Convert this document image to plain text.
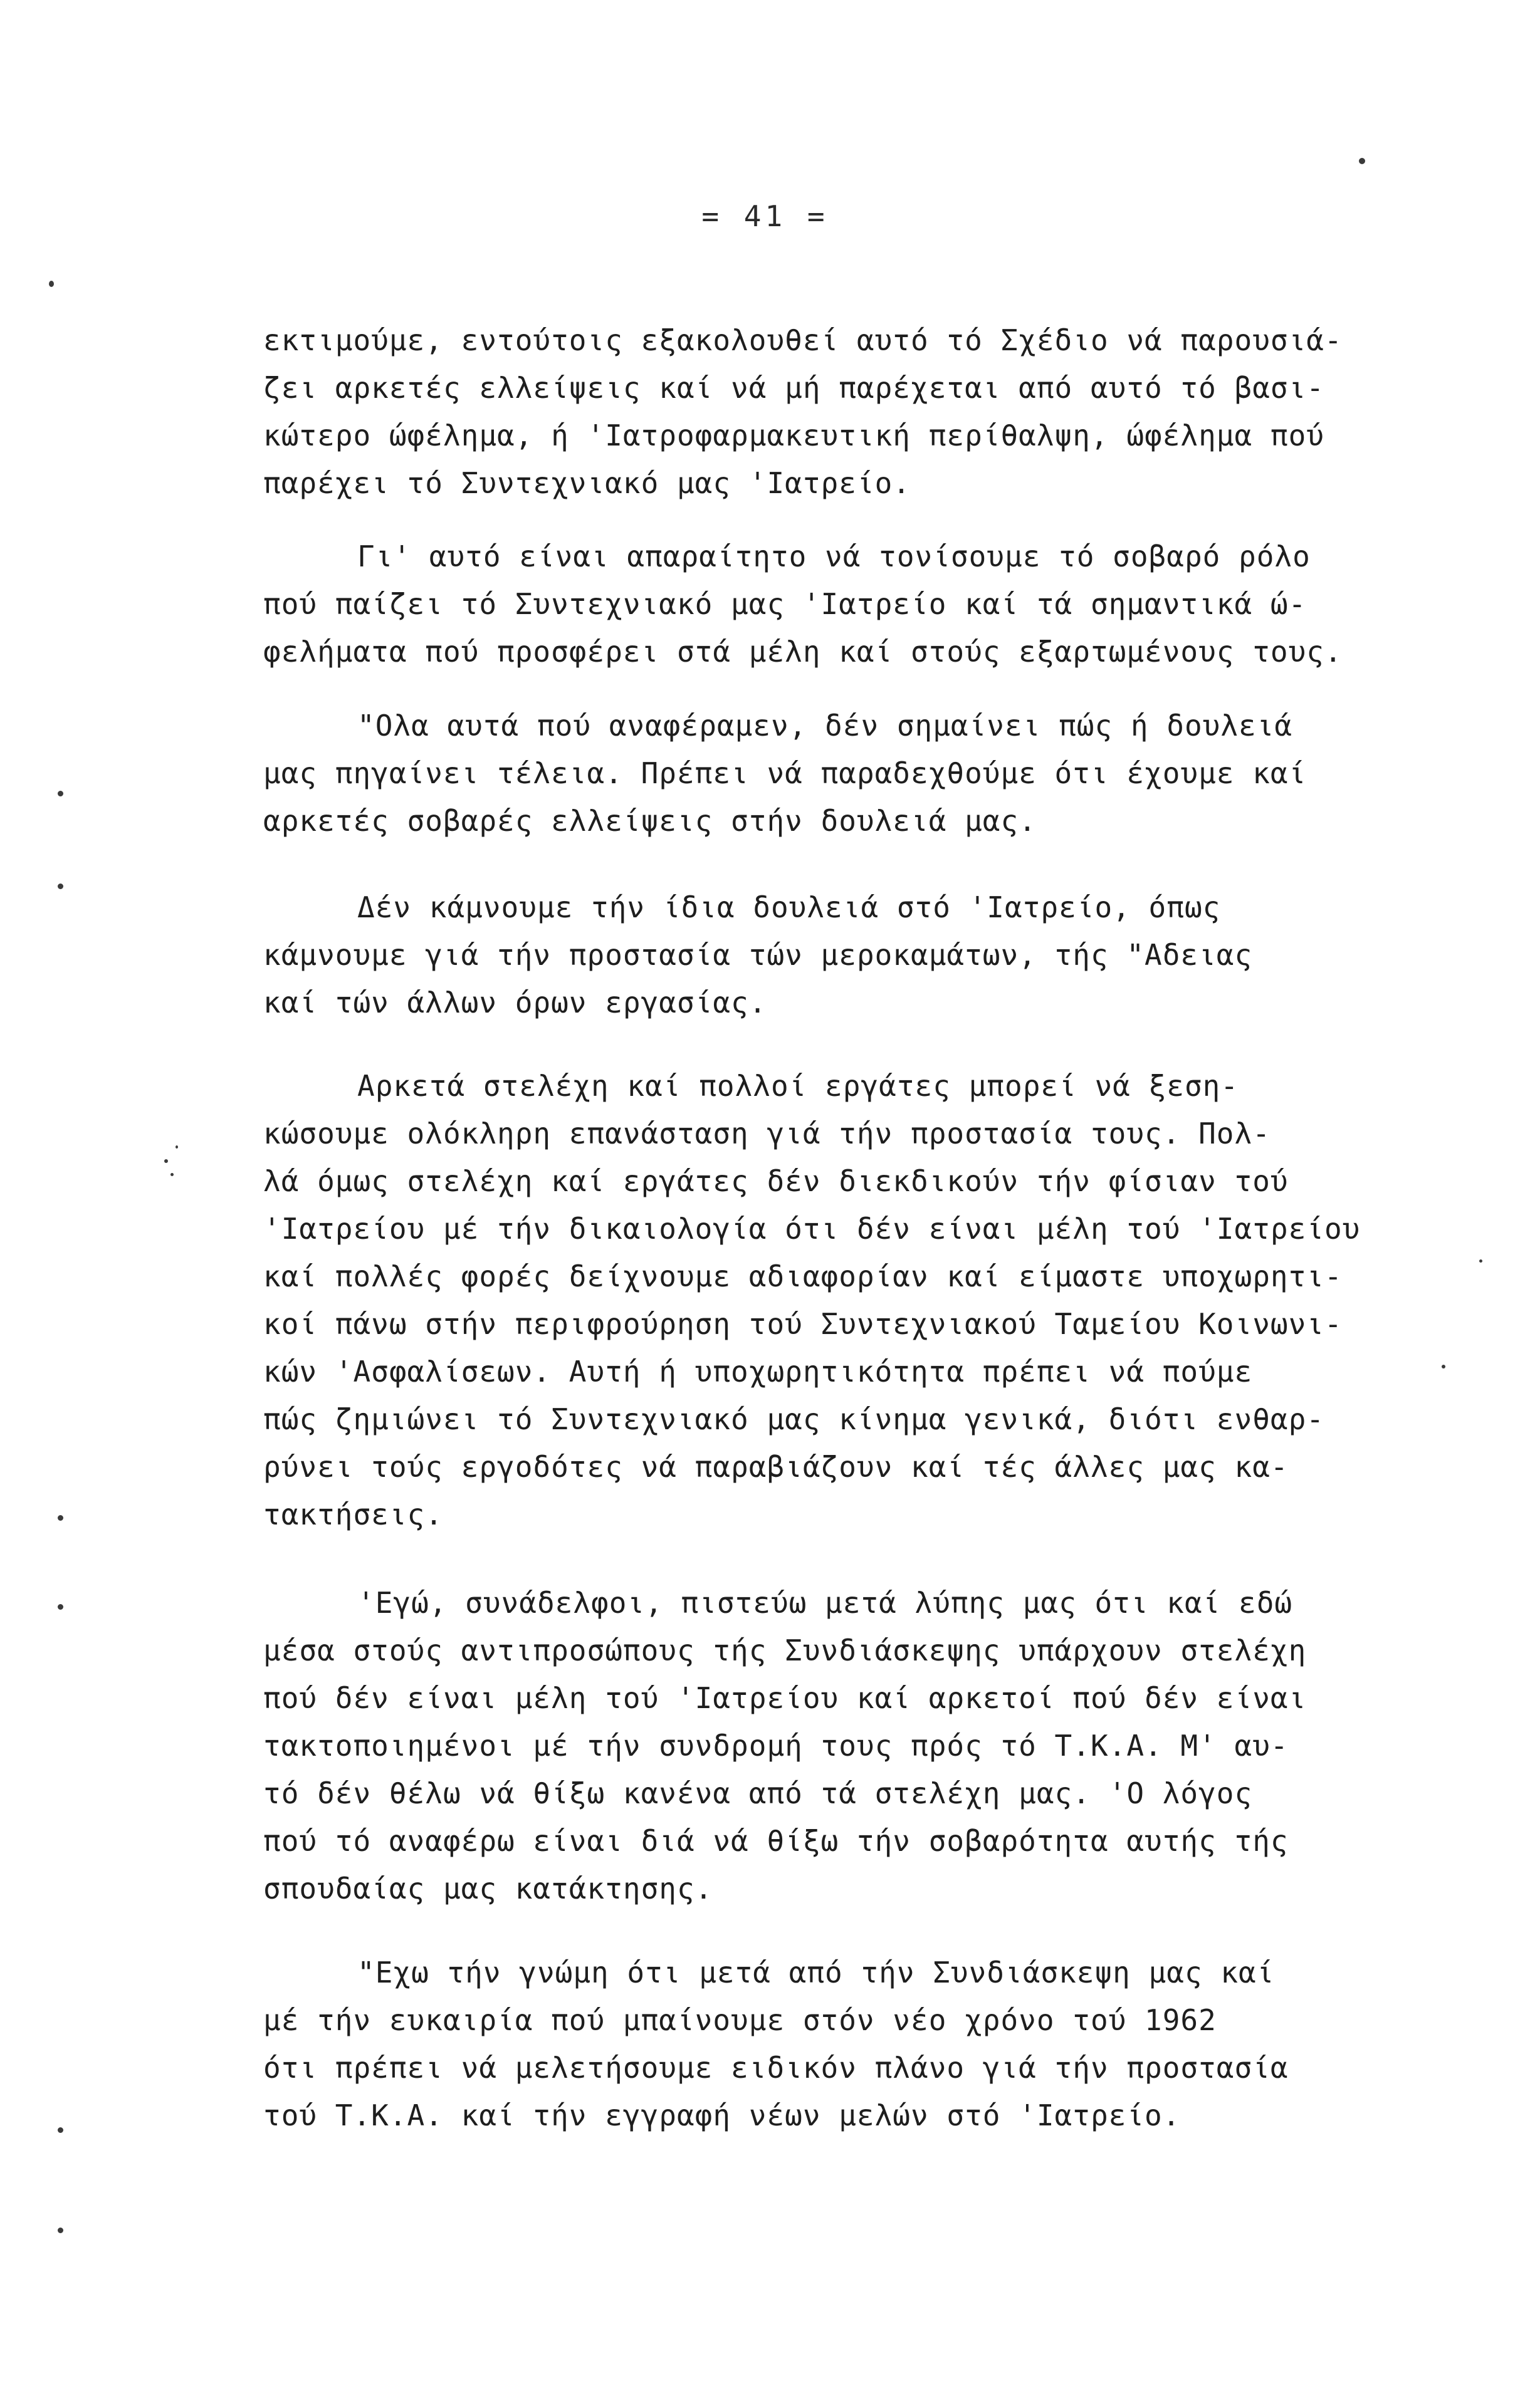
= 41 =
εκτιμούμε, εντούτοις εξακολουθεί αυτό τό Σχέδιο νά παρουσιά-
ζει αρκετές ελλείψεις καί νά μή παρέχεται από αυτό τό βασι-
κώτερο ώφέλημα, ή 'Ιατροφαρμακευτική περίθαλψη, ώφέλημα πού
παρέχει τό Συντεχνιακό μας 'Ιατρείο.
Γι' αυτό είναι απαραίτητο νά τονίσουμε τό σοβαρό ρόλο
πού παίζει τό Συντεχνιακό μας 'Ιατρείο καί τά σημαντικά ώ-
φελήματα πού προσφέρει στά μέλη καί στούς εξαρτωμένους τους.
"Ολα αυτά πού αναφέραμεν, δέν σημαίνει πώς ή δουλειά
μας πηγαίνει τέλεια. Πρέπει νά παραδεχθούμε ότι έχουμε καί
αρκετές σοβαρές ελλείψεις στήν δουλειά μας.
Δέν κάμνουμε τήν ίδια δουλειά στό 'Ιατρείο, όπως
κάμνουμε γιά τήν προστασία τών μεροκαμάτων, τής "Αδειας
καί τών άλλων όρων εργασίας.
Αρκετά στελέχη καί πολλοί εργάτες μπορεί νά ξεση-
κώσουμε ολόκληρη επανάσταση γιά τήν προστασία τους. Πολ-
λά όμως στελέχη καί εργάτες δέν διεκδικούν τήν φίσιαν τού
'Ιατρείου μέ τήν δικαιολογία ότι δέν είναι μέλη τού 'Ιατρείου
καί πολλές φορές δείχνουμε αδιαφορίαν καί είμαστε υποχωρητι-
κοί πάνω στήν περιφρούρηση τού Συντεχνιακού Ταμείου Κοινωνι-
κών 'Ασφαλίσεων. Αυτή ή υποχωρητικότητα πρέπει νά πούμε
πώς ζημιώνει τό Συντεχνιακό μας κίνημα γενικά, διότι ενθαρ-
ρύνει τούς εργοδότες νά παραβιάζουν καί τές άλλες μας κα-
τακτήσεις.
'Εγώ, συνάδελφοι, πιστεύω μετά λύπης μας ότι καί εδώ
μέσα στούς αντιπροσώπους τής Συνδιάσκεψης υπάρχουν στελέχη
πού δέν είναι μέλη τού 'Ιατρείου καί αρκετοί πού δέν είναι
τακτοποιημένοι μέ τήν συνδρομή τους πρός τό Τ.Κ.Α. Μ' αυ-
τό δέν θέλω νά θίξω κανένα από τά στελέχη μας. 'Ο λόγος
πού τό αναφέρω είναι διά νά θίξω τήν σοβαρότητα αυτής τής
σπουδαίας μας κατάκτησης.
"Εχω τήν γνώμη ότι μετά από τήν Συνδιάσκεψη μας καί
μέ τήν ευκαιρία πού μπαίνουμε στόν νέο χρόνο τού 1962
ότι πρέπει νά μελετήσουμε ειδικόν πλάνο γιά τήν προστασία
τού Τ.Κ.Α. καί τήν εγγραφή νέων μελών στό 'Ιατρείο.
